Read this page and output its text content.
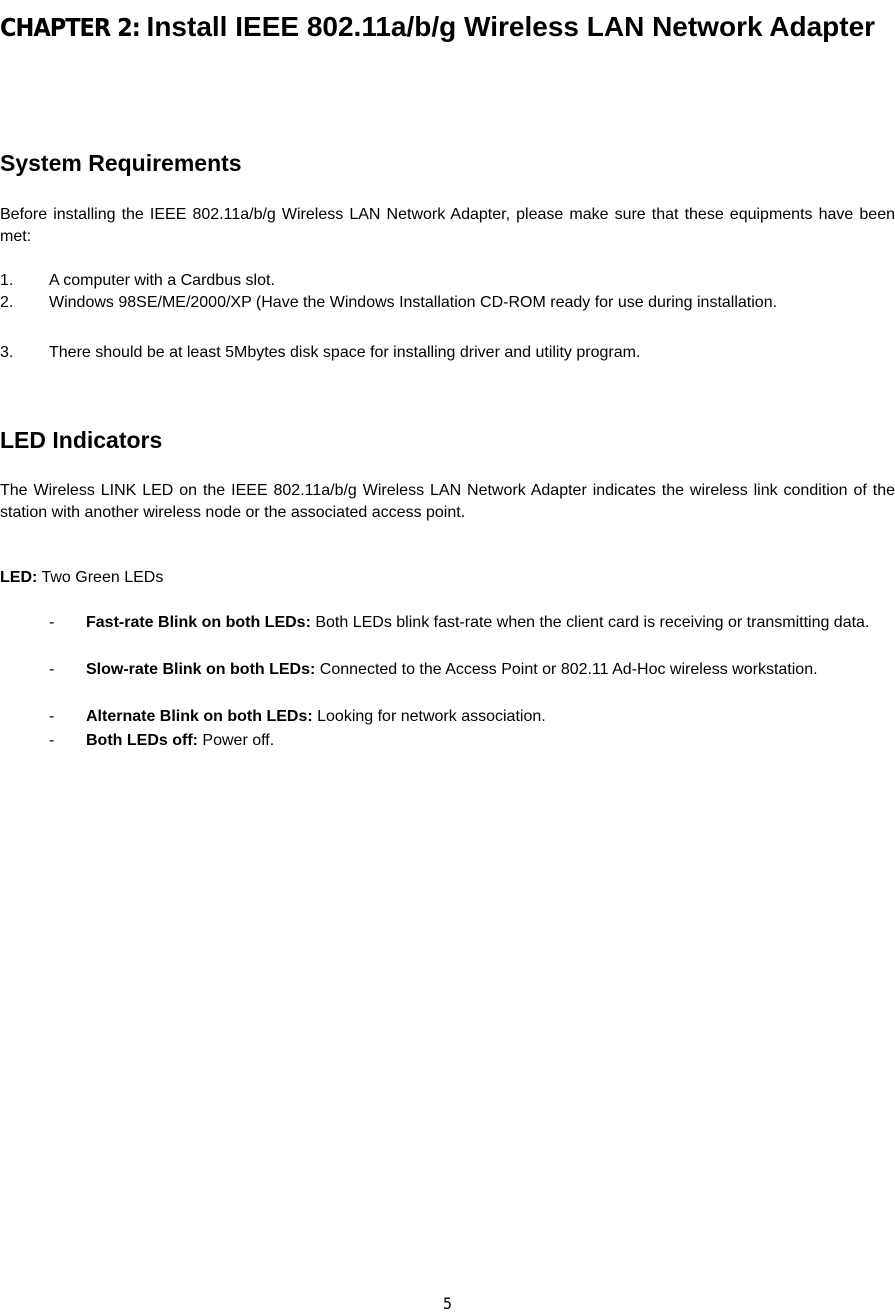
CHAPTER 2: Install IEEE 802.11a/b/g Wireless LAN Network Adapter
System Requirements

Before installing the IEEE 802.11a/b/g Wireless LAN Network Adapter, please make sure that these equipments have been met:

1. A computer with a Cardbus slot.
2. Windows 98SE/ME/2000/XP (Have the Windows Installation CD-ROM ready for use during installation.
3. There should be at least 5Mbytes disk space for installing driver and utility program.
LED Indicators

The Wireless LINK LED on the IEEE 802.11a/b/g Wireless LAN Network Adapter indicates the wireless link condition of the station with another wireless node or the associated access point.

LED: Two Green LEDs

- Fast-rate Blink on both LEDs: Both LEDs blink fast-rate when the client card is receiving or transmitting data.
- Slow-rate Blink on both LEDs: Connected to the Access Point or 802.11 Ad-Hoc wireless workstation.
- Alternate Blink on both LEDs: Looking for network association.
- Both LEDs off: Power off.
5
